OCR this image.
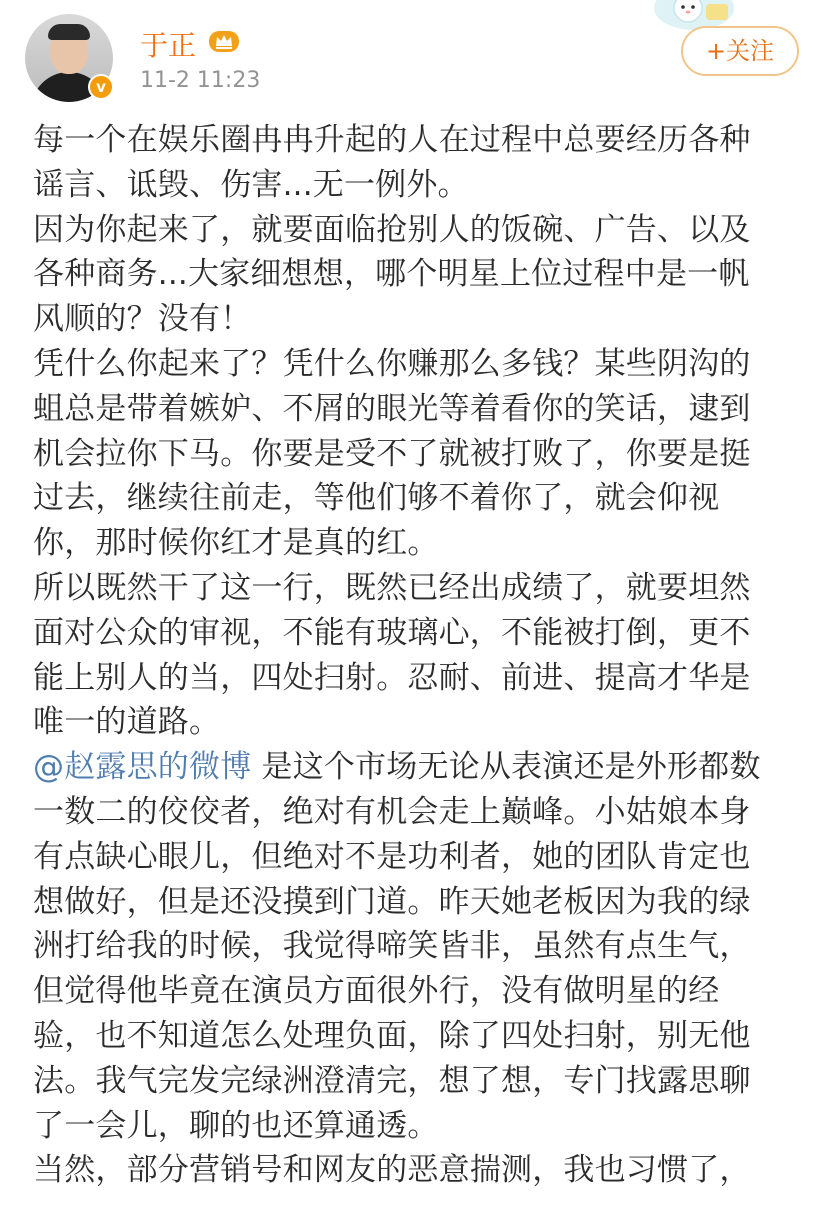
v
于正
11-2 11:23
+关注
每一个在娱乐圈冉冉升起的人在过程中总要经历各种
谣言、诋毁、伤害...无一例外。
因为你起来了，就要面临抢别人的饭碗、广告、以及
各种商务...大家细想想，哪个明星上位过程中是一帆
风顺的？没有！
凭什么你起来了？凭什么你赚那么多钱？某些阴沟的
蛆总是带着嫉妒、不屑的眼光等着看你的笑话，逮到
机会拉你下马。你要是受不了就被打败了，你要是挺
过去，继续往前走，等他们够不着你了，就会仰视
你，那时候你红才是真的红。
所以既然干了这一行，既然已经出成绩了，就要坦然
面对公众的审视，不能有玻璃心，不能被打倒，更不
能上别人的当，四处扫射。忍耐、前进、提高才华是
唯一的道路。
@赵露思的微博 是这个市场无论从表演还是外形都数
一数二的佼佼者，绝对有机会走上巅峰。小姑娘本身
有点缺心眼儿，但绝对不是功利者，她的团队肯定也
想做好，但是还没摸到门道。昨天她老板因为我的绿
洲打给我的时候，我觉得啼笑皆非，虽然有点生气，
但觉得他毕竟在演员方面很外行，没有做明星的经
验，也不知道怎么处理负面，除了四处扫射，别无他
法。我气完发完绿洲澄清完，想了想，专门找露思聊
了一会儿，聊的也还算通透。
当然，部分营销号和网友的恶意揣测，我也习惯了，
